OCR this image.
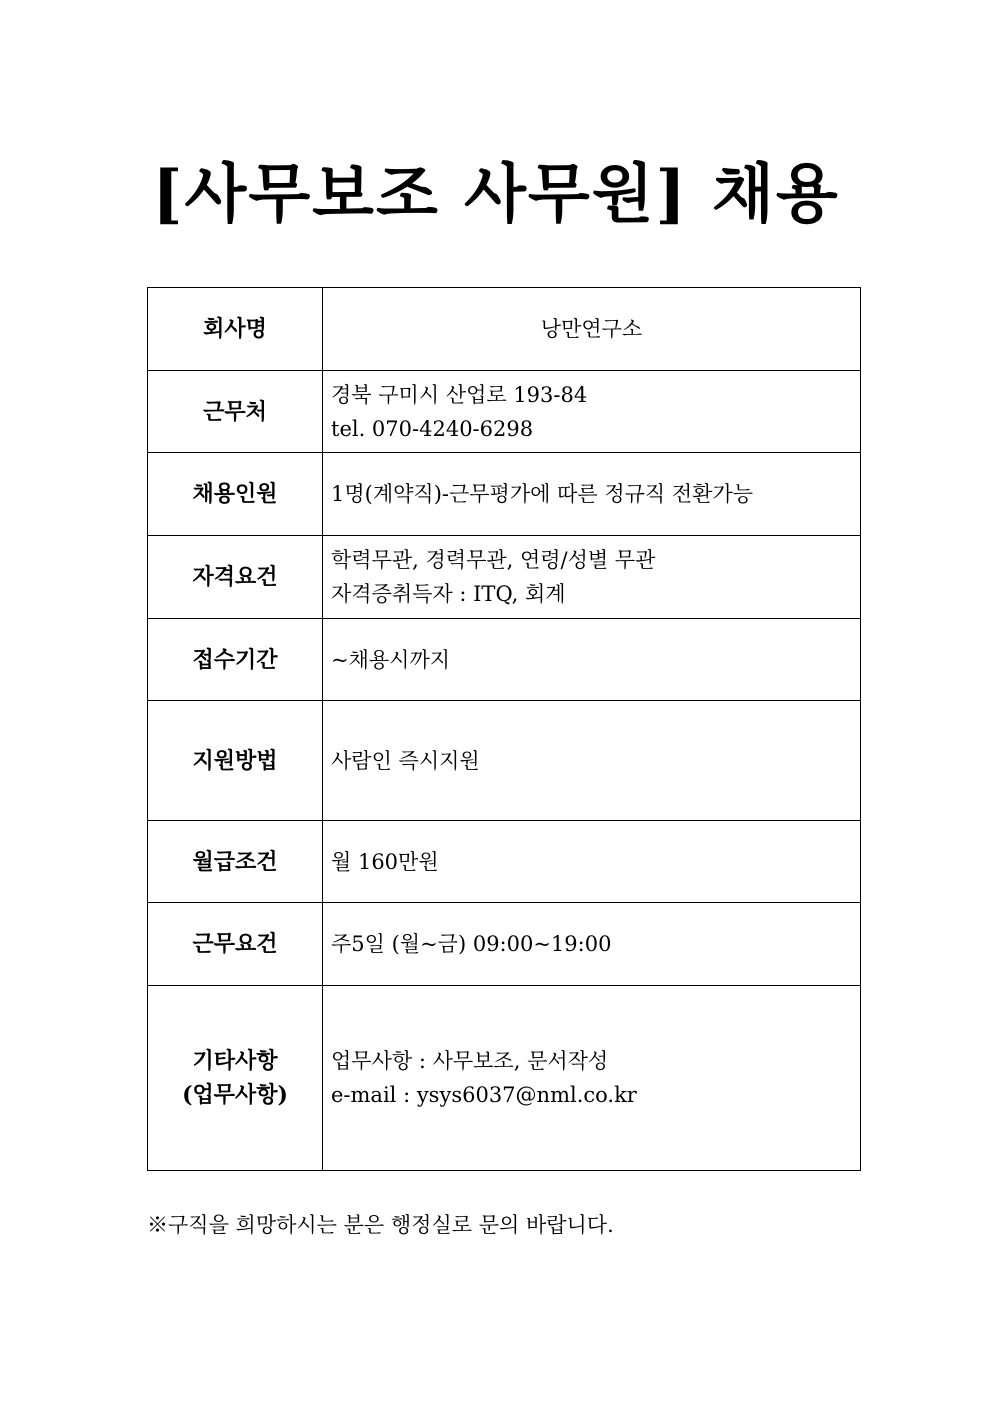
[사무보조 사무원] 채용
회사명	낭만연구소

근무처	경북 구미시 산업로 193-84
tel. 070-4240-6298

채용인원	1명(계약직)-근무평가에 따른 정규직 전환가능

자격요건	학력무관, 경력무관, 연령/성별 무관
자격증취득자 : ITQ, 회계

접수기간	~채용시까지

지원방법	사람인 즉시지원

월급조건	월 160만원

근무요건	주5일 (월~금) 09:00~19:00

기타사항
(업무사항)	업무사항 : 사무보조, 문서작성
e-mail : ysys6037@nml.co.kr
※구직을 희망하시는 분은 행정실로 문의 바랍니다.
